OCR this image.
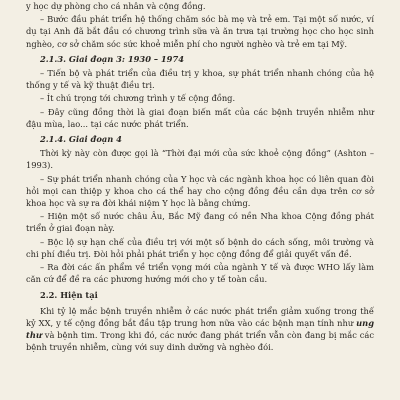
y học dự phòng cho cá nhân và cộng đồng.
– Bước đầu phát triển hệ thống chăm sóc bà mẹ và trẻ em. Tại một số nước, ví dụ tại Anh đã bắt đầu có chương trình sữa và ăn trưa tại trường học cho học sinh nghèo, cơ sở chăm sóc sức khoẻ miễn phí cho người nghèo và trẻ em tại Mỹ.
2.1.3. Giai đoạn 3: 1930 – 1974
– Tiến bộ và phát triển của điều trị y khoa, sự phát triển nhanh chóng của hệ thống y tế và kỹ thuật điều trị.
– Ít chú trọng tới chương trình y tế cộng đồng.
– Đây cũng đồng thời là giai đoạn biến mất của các bệnh truyền nhiễm như đậu mùa, lao... tại các nước phát triển.
2.1.4. Giai đoạn 4
Thời kỳ này còn được gọi là “Thời đại mới của sức khoẻ cộng đồng” (Ashton – 1993).
– Sự phát triển nhanh chóng của Y học và các ngành khoa học có liên quan đòi hỏi mọi can thiệp y khoa cho cá thể hay cho cộng đồng đều cần dựa trên cơ sở khoa học và sự ra đời khái niệm Y học là bằng chứng.
– Hiện một số nước châu Âu, Bắc Mỹ đang có nền Nha khoa Cộng đồng phát triển ở giai đoạn này.
– Bộc lộ sự hạn chế của điều trị với một số bệnh do cách sống, môi trường và chi phí điều trị. Đòi hỏi phải phát triển y học cộng đồng để giải quyết vấn đề.
– Ra đời các ấn phẩm về triển vọng mới của ngành Y tế và được WHO lấy làm căn cứ để đề ra các phương hướng mới cho y tế toàn cầu.
2.2. Hiện tại
Khi tỷ lệ mắc bệnh truyền nhiễm ở các nước phát triển giảm xuống trong thế kỷ XX, y tế cộng đồng bắt đầu tập trung hơn nữa vào các bệnh mạn tính như ung thư và bệnh tim. Trong khi đó, các nước đang phát triển vẫn còn đang bị mắc các bệnh truyền nhiễm, cùng với suy dinh dưỡng và nghèo đói.
